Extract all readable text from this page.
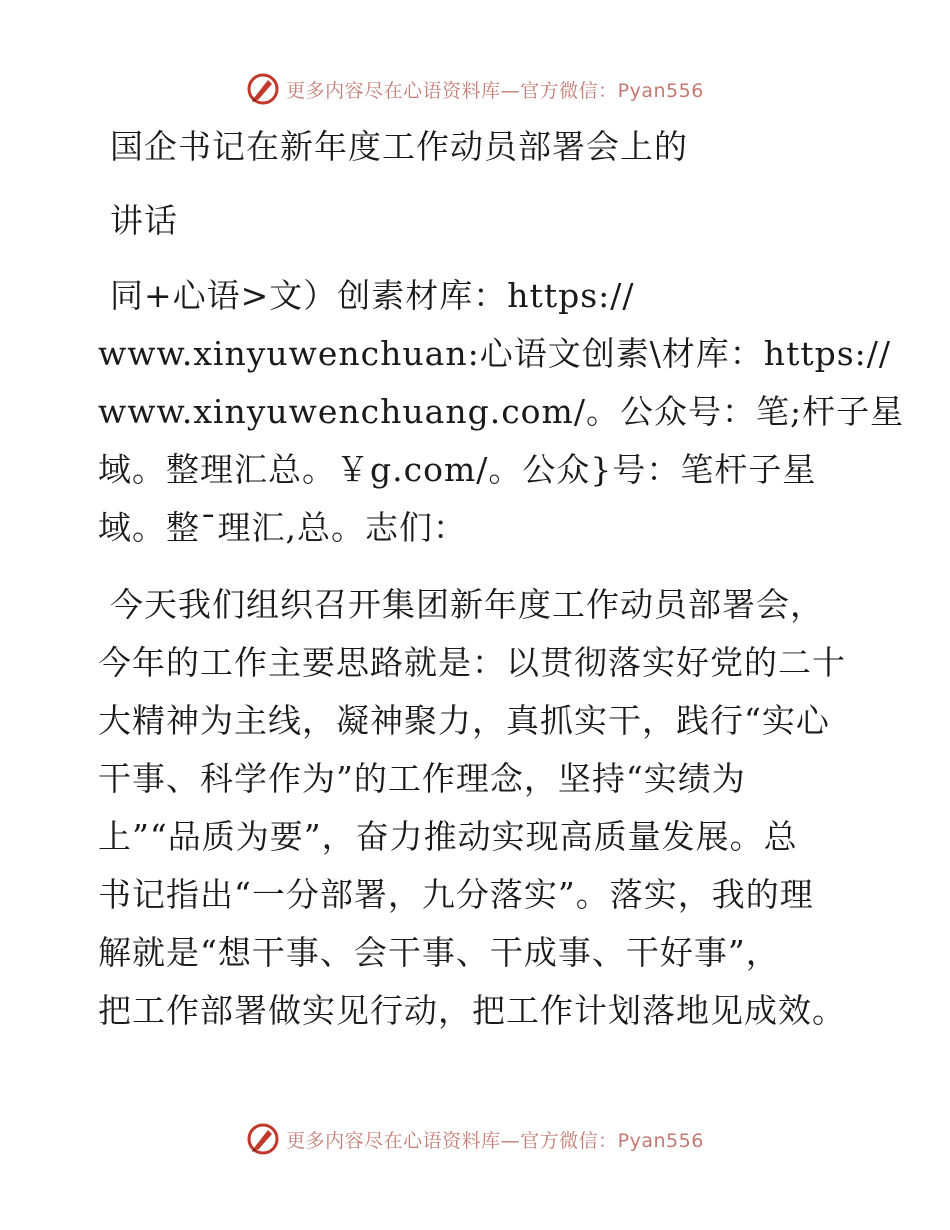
更多内容尽在心语资料库—官方微信：Pyan556
国企书记在新年度工作动员部署会上的
讲话
同+心语>文）创素材库：https://
www.xinyuwenchuan:心语文创素\材库：https://
www.xinyuwenchuang.com/。公众号：笔;杆子星
域。整理汇总。￥g.com/。公众}号：笔杆子星
域。整¯理汇,总。志们：
今天我们组织召开集团新年度工作动员部署会，
今年的工作主要思路就是：以贯彻落实好党的二十
大精神为主线，凝神聚力，真抓实干，践行“实心
干事、科学作为”的工作理念，坚持“实绩为
上”“品质为要”，奋力推动实现高质量发展。总
书记指出“一分部署，九分落实”。落实，我的理
解就是“想干事、会干事、干成事、干好事”，
把工作部署做实见行动，把工作计划落地见成效。
更多内容尽在心语资料库—官方微信：Pyan556
